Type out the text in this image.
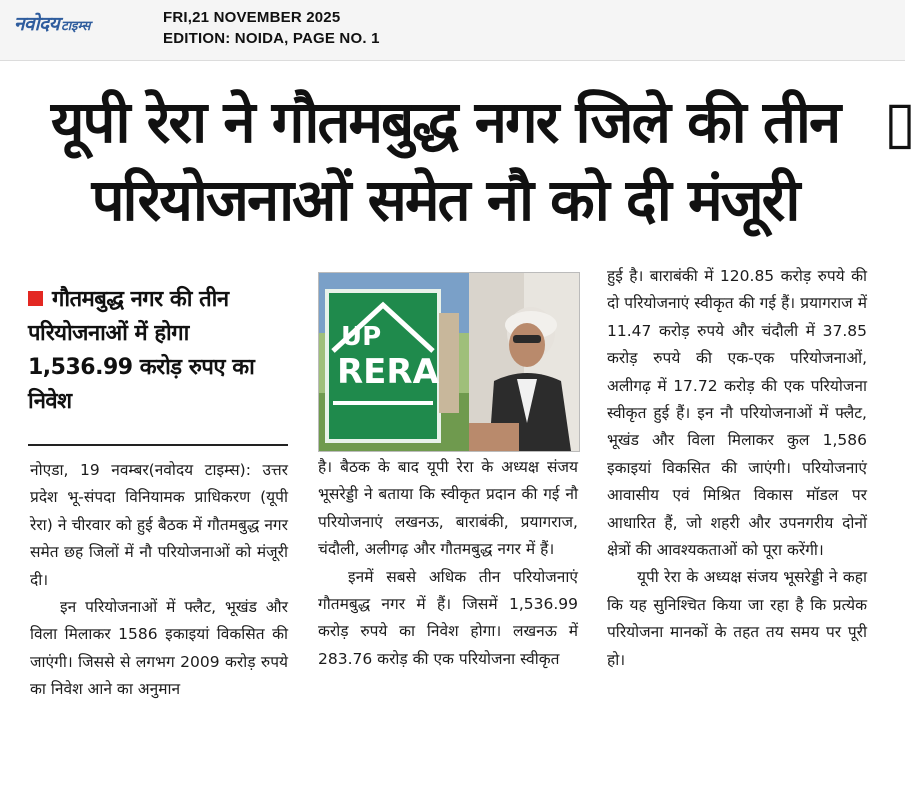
नवोदय टाइम्स
FRI,21 NOVEMBER 2025
EDITION: NOIDA, PAGE NO. 1
यूपी रेरा ने गौतमबुद्ध नगर जिले की तीन
परियोजनाओं समेत नौ को दी मंजूरी
▯
गौतमबुद्ध नगर की तीन परियोजनाओं में होगा 1,536.99 करोड़ रुपए का निवेश
UP
RERA

नोएडा, 19 नवम्बर(नवोदय टाइम्स): उत्तर प्रदेश भू-संपदा विनियामक प्राधिकरण (यूपी रेरा) ने चीरवार को हुई बैठक में गौतमबुद्ध नगर समेत छह जिलों में नौ परियोजनाओं को मंजूरी दी।

इन परियोजनाओं में फ्लैट, भूखंड और विला मिलाकर 1586 इकाइयां विकसित की जाएंगी। जिससे से लगभग 2009 करोड़ रुपये का निवेश आने का अनुमान

है। बैठक के बाद यूपी रेरा के अध्यक्ष संजय भूसरेड्डी ने बताया कि स्वीकृत प्रदान की गई नौ परियोजनाएं लखनऊ, बाराबंकी, प्रयागराज, चंदौली, अलीगढ़ और गौतमबुद्ध नगर में हैं।

इनमें सबसे अधिक तीन परियोजनाएं गौतमबुद्ध नगर में हैं। जिसमें 1,536.99 करोड़ रुपये का निवेश होगा। लखनऊ में 283.76 करोड़ की एक परियोजना स्वीकृत

हुई है। बाराबंकी में 120.85 करोड़ रुपये की दो परियोजनाएं स्वीकृत की गई हैं। प्रयागराज में 11.47 करोड़ रुपये और चंदौली में 37.85 करोड़ रुपये की एक-एक परियोजनाओं, अलीगढ़ में 17.72 करोड़ की एक परियोजना स्वीकृत हुई हैं। इन नौ परियोजनाओं में फ्लैट, भूखंड और विला मिलाकर कुल 1,586 इकाइयां विकसित की जाएंगी। परियोजनाएं आवासीय एवं मिश्रित विकास मॉडल पर आधारित हैं, जो शहरी और उपनगरीय दोनों क्षेत्रों की आवश्यकताओं को पूरा करेंगी।

यूपी रेरा के अध्यक्ष संजय भूसरेड्डी ने कहा कि यह सुनिश्चित किया जा रहा है कि प्रत्येक परियोजना मानकों के तहत तय समय पर पूरी हो।
